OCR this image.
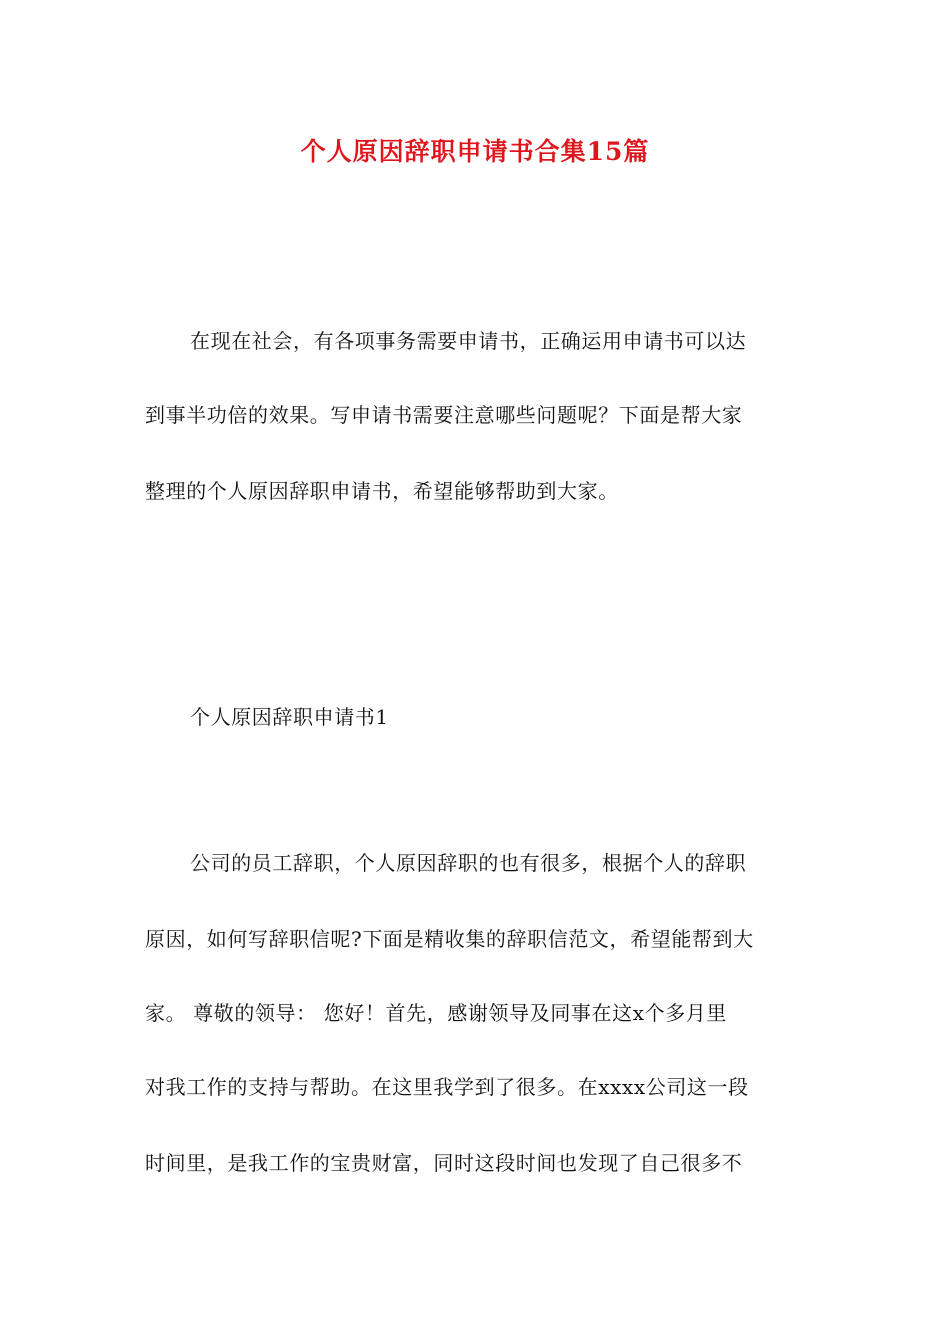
个人原因辞职申请书合集15篇
在现在社会，有各项事务需要申请书，正确运用申请书可以达
到事半功倍的效果。写申请书需要注意哪些问题呢？下面是帮大家
整理的个人原因辞职申请书，希望能够帮助到大家。
个人原因辞职申请书1
公司的员工辞职，个人原因辞职的也有很多，根据个人的辞职
原因，如何写辞职信呢?下面是精收集的辞职信范文，希望能帮到大
家。 尊敬的领导： 您好！首先，感谢领导及同事在这x个多月里
对我工作的支持与帮助。在这里我学到了很多。在xxxx公司这一段
时间里，是我工作的宝贵财富，同时这段时间也发现了自己很多不
